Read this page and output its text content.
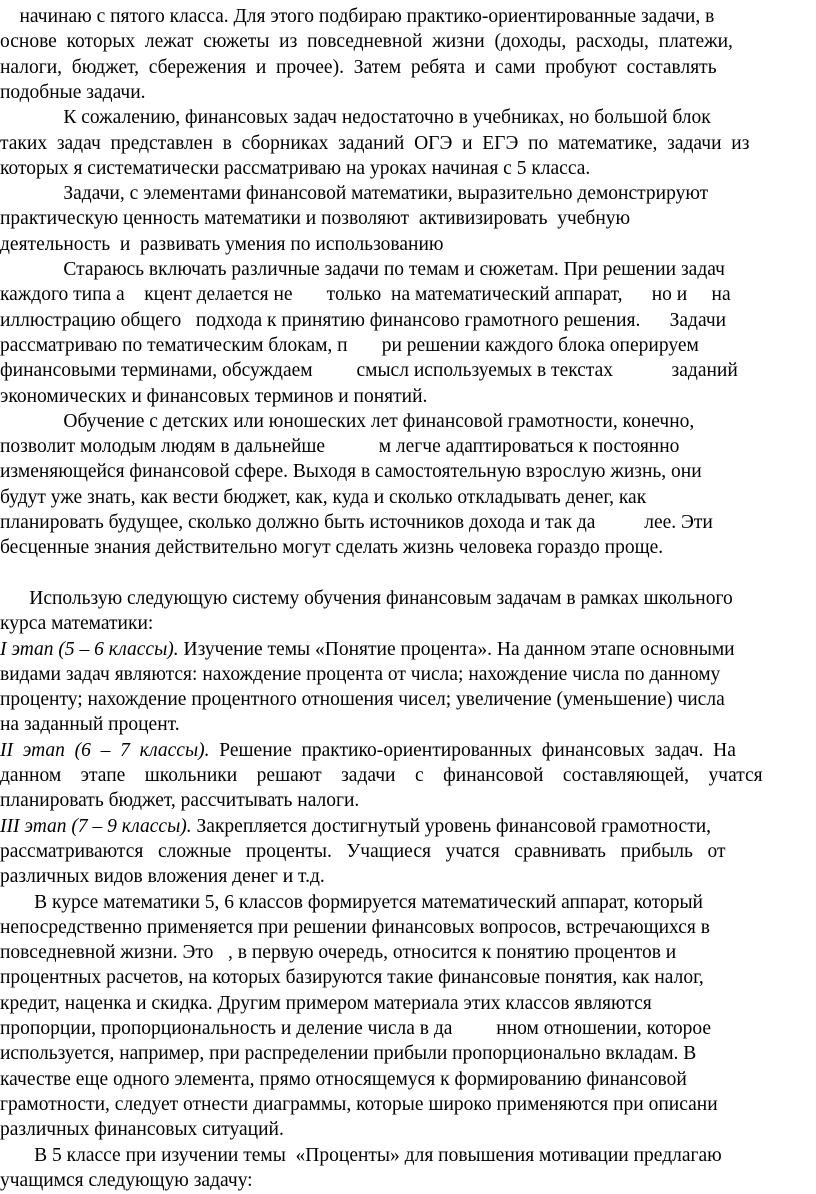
начинаю с пятого класса. Для этого подбираю практико-ориентированные задачи, в
основе  которых  лежат  сюжеты  из  повседневной  жизни  (доходы,  расходы,  платежи,
налоги,  бюджет,  сбережения  и  прочее).  Затем  ребята  и  сами  пробуют  составлять
подобные задачи.
К сожалению, финансовых задач недостаточно в учебниках, но большой блок
таких  задач  представлен  в  сборниках  заданий  ОГЭ  и  ЕГЭ  по  математике,  задачи  из
которых я систематически рассматриваю на уроках начиная с 5 класса.
Задачи, с элементами финансовой математики, выразительно демонстрируют
практическую ценность математики и позволяют  активизировать  учебную
деятельность  и  развивать умения по использованию
Стараюсь включать различные задачи по темам и сюжетам. При решении задач
каждого типа а    кцент делается не       только  на математический аппарат,      но и     на
иллюстрацию общего   подхода к принятию финансово грамотного решения.      Задачи
рассматриваю по тематическим блокам, п       ри решении каждого блока оперируем
финансовыми терминами, обсуждаем         смысл используемых в текстах            заданий
экономических и финансовых терминов и понятий.
Обучение с детских или юношеских лет финансовой грамотности, конечно,
позволит молодым людям в дальнейше           м легче адаптироваться к постоянно
изменяющейся финансовой сфере. Выходя в самостоятельную взрослую жизнь, они
будут уже знать, как вести бюджет, как, куда и сколько откладывать денег, как
планировать будущее, сколько должно быть источников дохода и так да          лее. Эти
бесценные знания действительно могут сделать жизнь человека гораздо проще.
Использую следующую систему обучения финансовым задачам в рамках школьного
курса математики:
I этап (5 – 6 классы). Изучение темы «Понятие процента». На данном этапе основными
видами задач являются: нахождение процента от числа; нахождение числа по данному
проценту; нахождение процентного отношения чисел; увеличение (уменьшение) числа
на заданный процент.
II  этап  (6  –  7  классы).  Решение  практико-ориентированных  финансовых  задач.  На
данном    этапе    школьники    решают    задачи    с    финансовой    составляющей,    учатся
планировать бюджет, рассчитывать налоги.
III этап (7 – 9 классы). Закрепляется достигнутый уровень финансовой грамотности,
рассматриваются   сложные   проценты.   Учащиеся   учатся   сравнивать   прибыль   от
различных видов вложения денег и т.д.
В курсе математики 5, 6 классов формируется математический аппарат, который
непосредственно применяется при решении финансовых вопросов, встречающихся в
повседневной жизни. Это   , в первую очередь, относится к понятию процентов и
процентных расчетов, на которых базируются такие финансовые понятия, как налог,
кредит, наценка и скидка. Другим примером материала этих классов являются
пропорции, пропорциональность и деление числа в да         нном отношении, которое
используется, например, при распределении прибыли пропорционально вкладам. В
качестве еще одного элемента, прямо относящемуся к формированию финансовой
грамотности, следует отнести диаграммы, которые широко применяются при описани
различных финансовых ситуаций.
В 5 классе при изучении темы  «Проценты» для повышения мотивации предлагаю
учащимся следующую задачу:
